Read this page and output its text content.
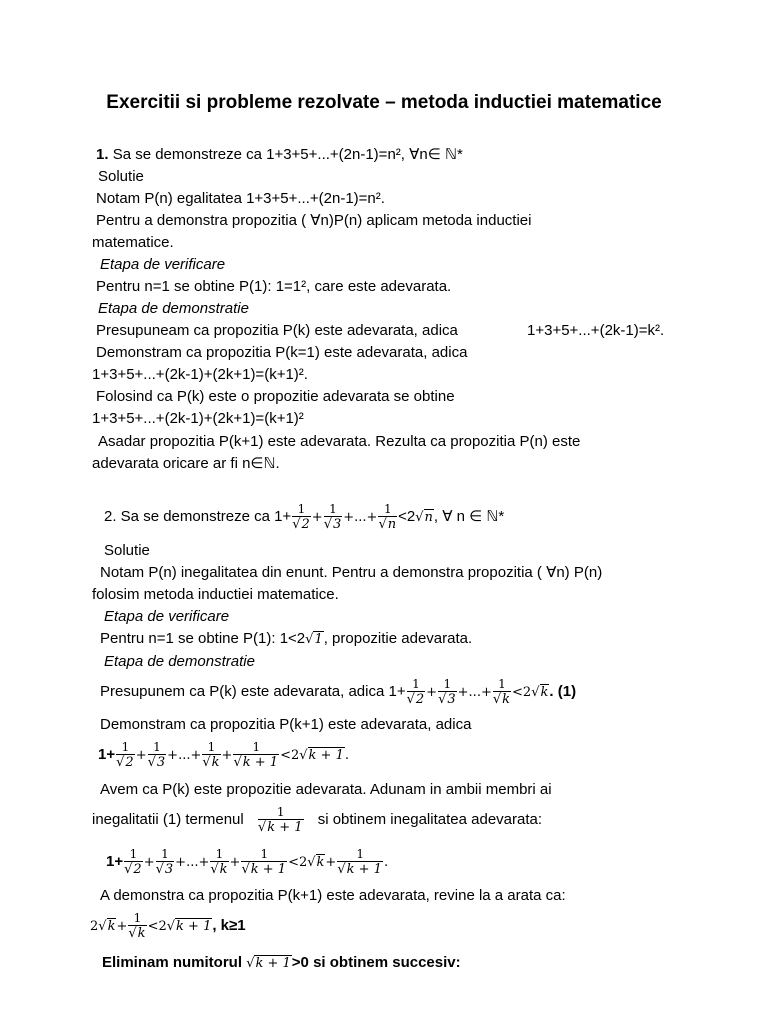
Exercitii si probleme rezolvate – metoda inductiei matematice
1. Sa se demonstreze ca 1+3+5+...+(2n-1)=n², ∀n∈ ℕ*
Solutie
Notam P(n) egalitatea 1+3+5+...+(2n-1)=n².
Pentru a demonstra propozitia ( ∀n)P(n) aplicam metoda inductiei
matematice.
Etapa de verificare
Pentru n=1 se obtine P(1): 1=1², care este adevarata.
Etapa de demonstratie
Presupuneam ca propozitia P(k) este adevarata, adica	1+3+5+...+(2k-1)=k².
Demonstram ca propozitia P(k=1) este adevarata, adica
1+3+5+...+(2k-1)+(2k+1)=(k+1)².
Folosind ca P(k) este o propozitie adevarata se obtine
1+3+5+...+(2k-1)+(2k+1)=(k+1)²
Asadar propozitia P(k+1) este adevarata. Rezulta ca propozitia P(n) este
adevarata oricare ar fi n∈ℕ.
2. Sa se demonstreze ca $1+ \frac{1}{√2} + \frac{1}{√3}$ +...+ $\frac{1}{√n} <2√n$, ∀ n ∈ ℕ*
Solutie
Notam P(n) inegalitatea din enunt. Pentru a demonstra propozitia ( ∀n) P(n)
folosim metoda inductiei matematice.
Etapa de verificare
Pentru n=1 se obtine P(1): 1<2√1, propozitie adevarata.
Etapa de demonstratie
Presupunem ca P(k) este adevarata, adica $1+ \frac{1}{√2} + \frac{1}{√3}$ +...+ $\frac{1}{√k} <2√k$. (1)
Demonstram ca propozitia P(k+1) este adevarata, adica
$1+ \frac{1}{√2} + \frac{1}{√3}$ +...+ $\frac{1}{√k} + \frac{1}{√k + 1} <2√k + 1$.
Avem ca P(k) este propozitie adevarata. Adunam in ambii membri ai
inegalitatii (1) termenul $\frac{1}{√k + 1}$ si obtinem inegalitatea adevarata:
$1+ \frac{1}{√2} + \frac{1}{√3}$ +...+ $\frac{1}{√k} + \frac{1}{√k + 1} <2√k+ \frac{1}{√k + 1}$ .
A demonstra ca propozitia P(k+1) este adevarata, revine la a arata ca:
$2√k+ \frac{1}{√k} <2√k + 1$, k≥1
Eliminam numitorul √k + 1>0 si obtinem succesiv:
